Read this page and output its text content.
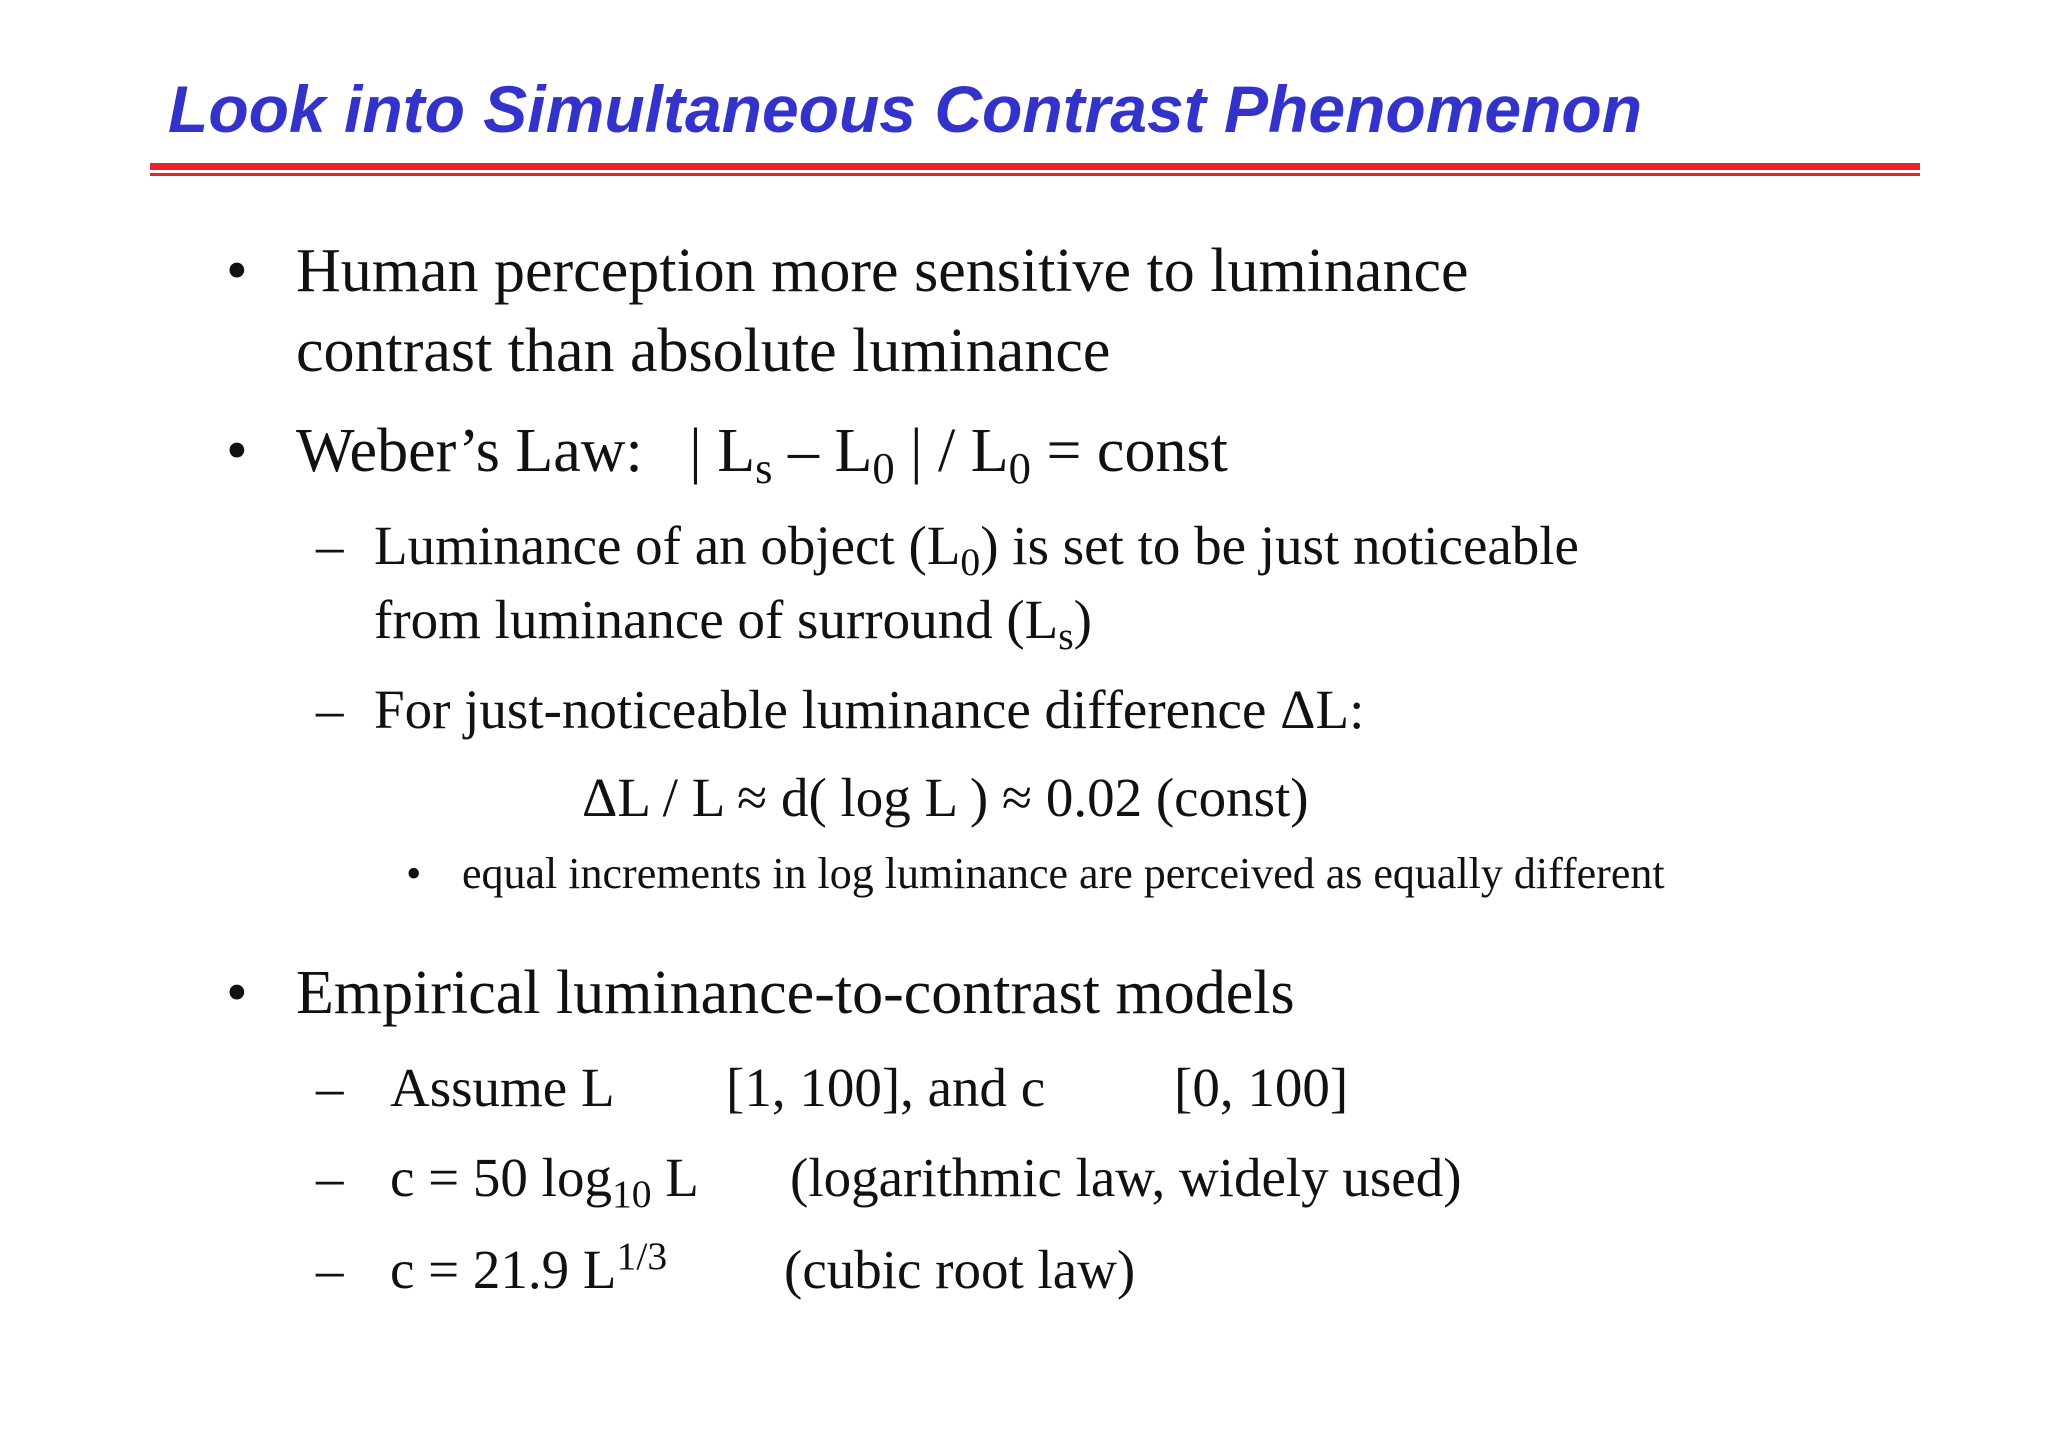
Look into Simultaneous Contrast Phenomenon
• Human perception more sensitive to luminance

contrast than absolute luminance

• Weber’s Law:   | $L_s - L_0$ | / $L_0$ = const

– Luminance of an object $(L_0)$ is set to be just noticeable

from luminance of surround $(L_s)$

– For just-noticeable luminance difference ΔL:

ΔL / L ≈ d( log L ) ≈ 0.02 (const)

• equal increments in log luminance are perceived as equally different

• Empirical luminance-to-contrast models

– Assume L [1, 100], and c [0, 100]

– c = 50 $\log_{10} L$ (logarithmic law, widely used)

– c = 21.9 $L^{1/3}$ (cubic root law)
